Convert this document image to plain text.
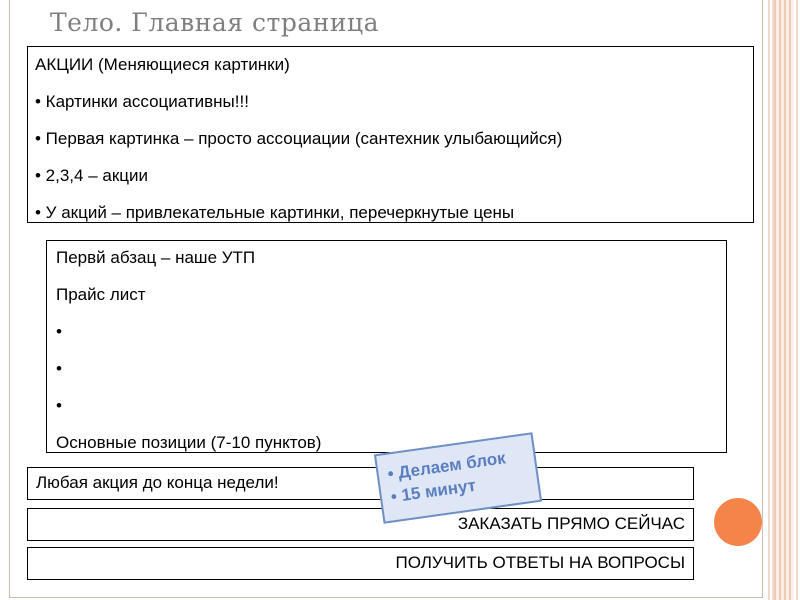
Тело. Главная страница

АКЦИИ (Меняющиеся картинки)

• Картинки ассоциативны!!!

• Первая картинка – просто ассоциации (сантехник улыбающийся)

• 2,3,4 – акции

• У акций – привлекательные картинки, перечеркнутые цены

Первй абзац – наше УТП

Прайс лист

•

•

•

Основные позиции (7-10 пунктов)

Любая акция до конца недели!
ЗАКАЗАТЬ ПРЯМО СЕЙЧАС
ПОЛУЧИТЬ ОТВЕТЫ НА ВОПРОСЫ
• Делаем блок
• 15 минут
